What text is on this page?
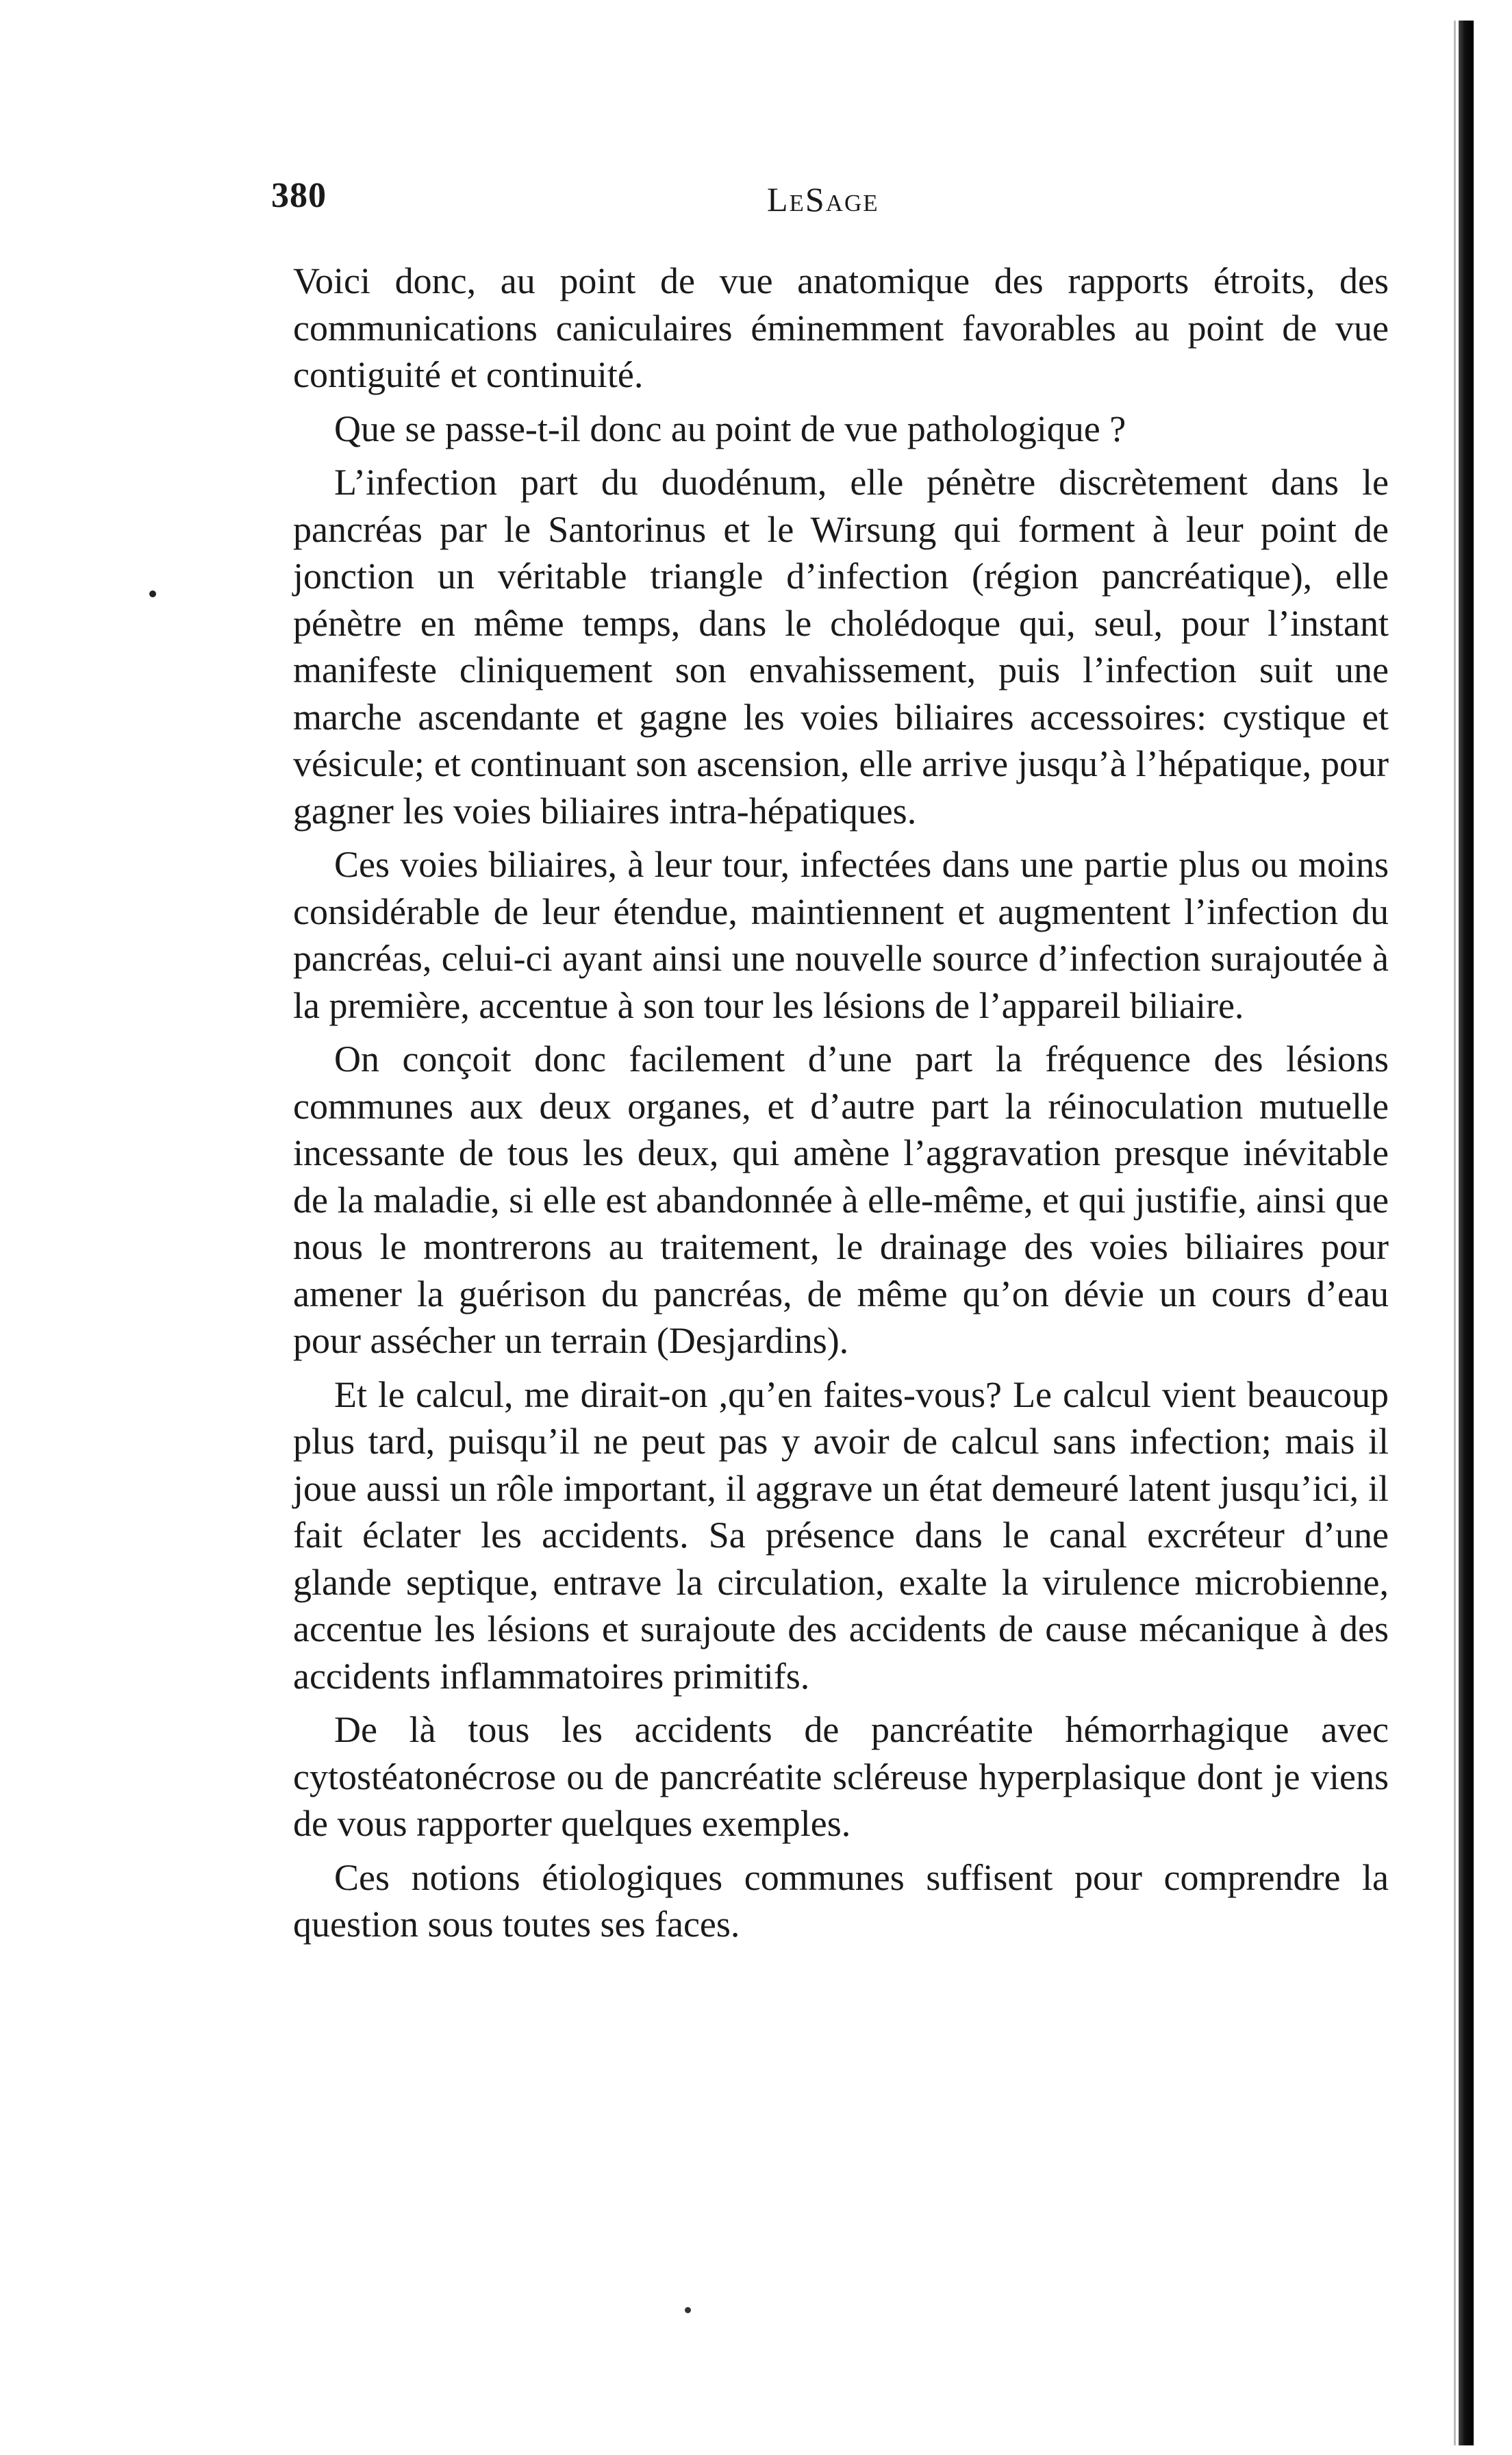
380	LeSage

Voici donc, au point de vue anatomique des rapports étroits, des communications caniculaires éminemment favorables au point de vue contiguité et continuité.

Que se passe-t-il donc au point de vue pathologique ?

L’infection part du duodénum, elle pénètre discrètement dans le pancréas par le Santorinus et le Wirsung qui forment à leur point de jonction un véritable triangle d’infection (région pancréatique), elle pénètre en même temps, dans le cholédoque qui, seul, pour l’instant manifeste cliniquement son envahissement, puis l’infection suit une marche ascendante et gagne les voies biliaires accessoires: cystique et vésicule; et continuant son ascension, elle arrive jusqu’à l’hépatique, pour gagner les voies biliaires intra-hépatiques.

Ces voies biliaires, à leur tour, infectées dans une partie plus ou moins considérable de leur étendue, maintiennent et augmentent l’infection du pancréas, celui-ci ayant ainsi une nouvelle source d’infection surajoutée à la première, accentue à son tour les lésions de l’appareil biliaire.

On conçoit donc facilement d’une part la fréquence des lésions communes aux deux organes, et d’autre part la réinoculation mutuelle incessante de tous les deux, qui amène l’aggravation presque inévitable de la maladie, si elle est abandonnée à elle-même, et qui justifie, ainsi que nous le montrerons au traitement, le drainage des voies biliaires pour amener la guérison du pancréas, de même qu’on dévie un cours d’eau pour assécher un terrain (Desjardins).

Et le calcul, me dirait-on ,qu’en faites-vous? Le calcul vient beaucoup plus tard, puisqu’il ne peut pas y avoir de calcul sans infection; mais il joue aussi un rôle important, il aggrave un état demeuré latent jusqu’ici, il fait éclater les accidents. Sa présence dans le canal excréteur d’une glande septique, entrave la circulation, exalte la virulence microbienne, accentue les lésions et surajoute des accidents de cause mécanique à des accidents inflammatoires primitifs.

De là tous les accidents de pancréatite hémorrhagique avec cytostéatonécrose ou de pancréatite scléreuse hyperplasique dont je viens de vous rapporter quelques exemples.

Ces notions étiologiques communes suffisent pour comprendre la question sous toutes ses faces.
